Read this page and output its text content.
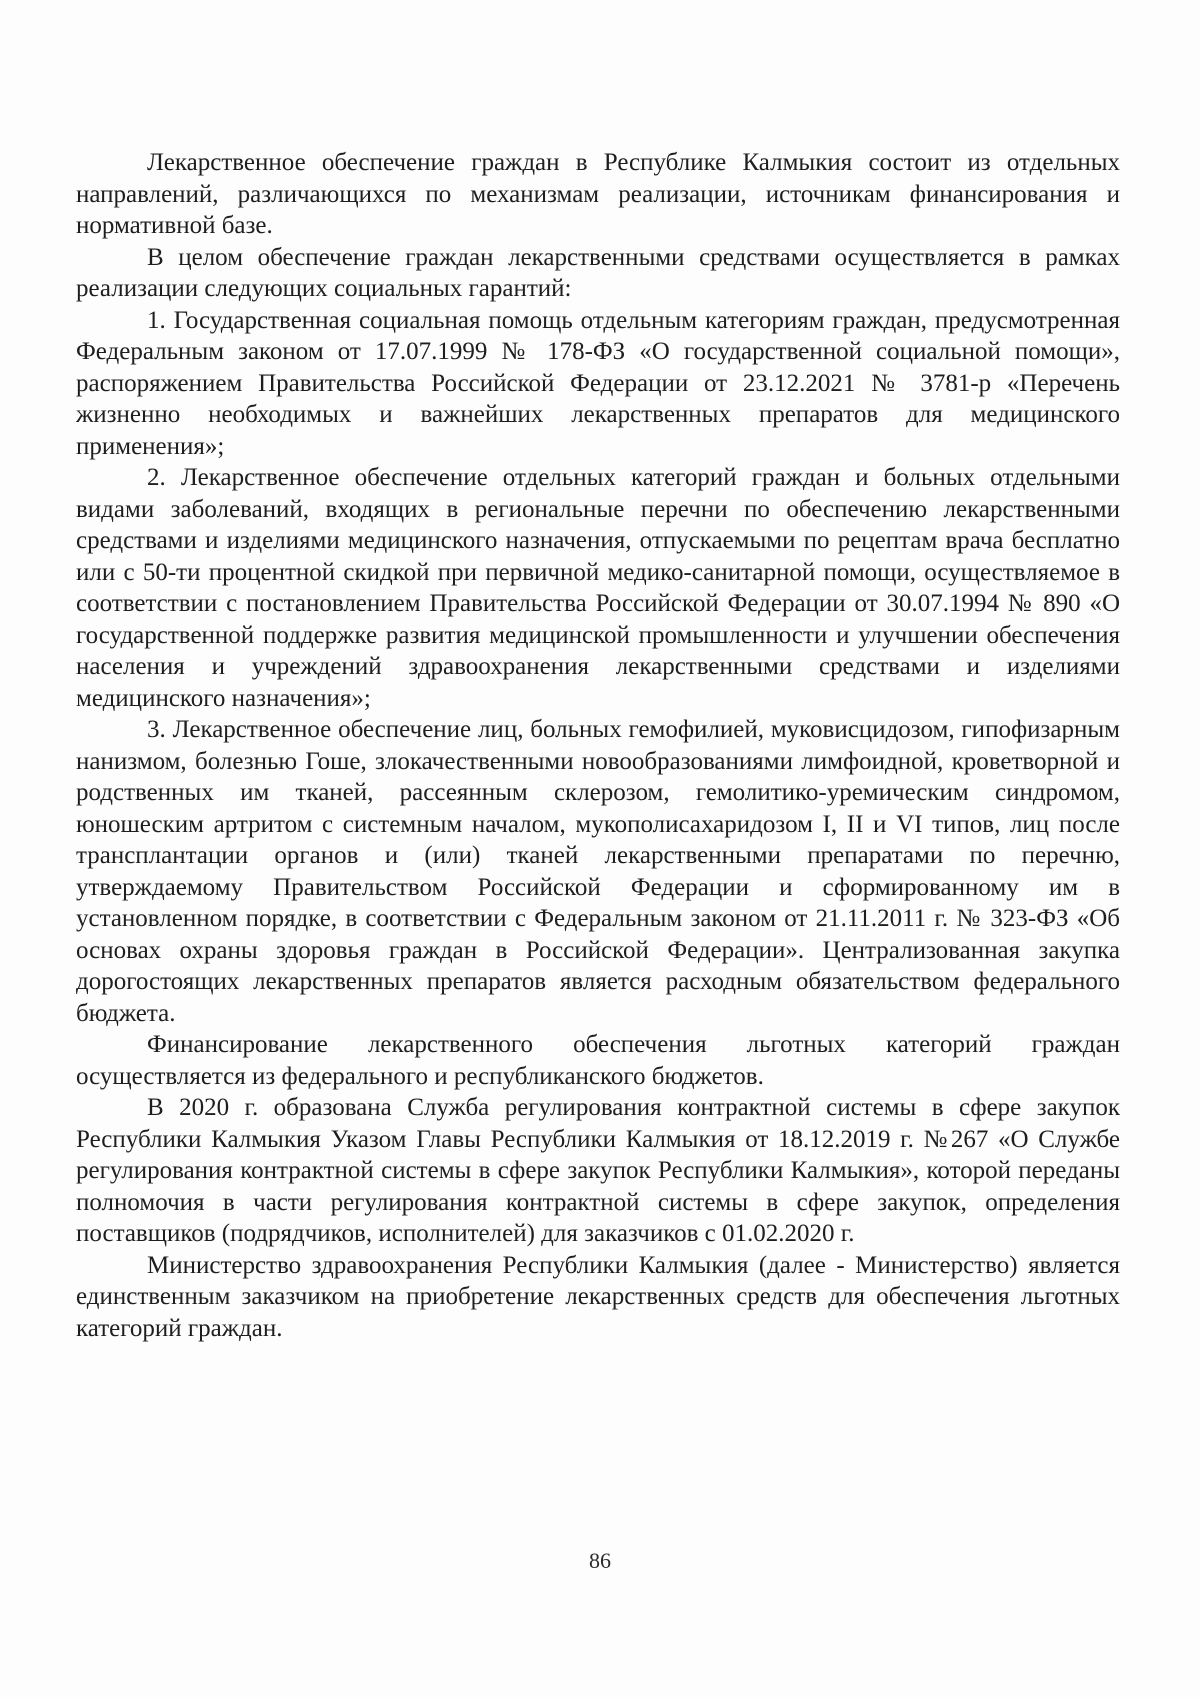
Лекарственное обеспечение граждан в Республике Калмыкия состоит из отдельных направлений, различающихся по механизмам реализации, источникам финансирования и нормативной базе.

В целом обеспечение граждан лекарственными средствами осуществляется в рамках реализации следующих социальных гарантий:

1. Государственная социальная помощь отдельным категориям граждан, предусмотренная Федеральным законом от 17.07.1999 № 178-ФЗ «О государственной социальной помощи», распоряжением Правительства Российской Федерации от 23.12.2021 № 3781-р «Перечень жизненно необходимых и важнейших лекарственных препаратов для медицинского применения»;

2. Лекарственное обеспечение отдельных категорий граждан и больных отдельными видами заболеваний, входящих в региональные перечни по обеспечению лекарственными средствами и изделиями медицинского назначения, отпускаемыми по рецептам врача бесплатно или с 50-ти процентной скидкой при первичной медико-санитарной помощи, осуществляемое в соответствии с постановлением Правительства Российской Федерации от 30.07.1994 № 890 «О государственной поддержке развития медицинской промышленности и улучшении обеспечения населения и учреждений здравоохранения лекарственными средствами и изделиями медицинского назначения»;

3. Лекарственное обеспечение лиц, больных гемофилией, муковисцидозом, гипофизарным нанизмом, болезнью Гоше, злокачественными новообразованиями лимфоидной, кроветворной и родственных им тканей, рассеянным склерозом, гемолитико-уремическим синдромом, юношеским артритом с системным началом, мукополисахаридозом I, II и VI типов, лиц после трансплантации органов и (или) тканей лекарственными препаратами по перечню, утверждаемому Правительством Российской Федерации и сформированному им в установленном порядке, в соответствии с Федеральным законом от 21.11.2011 г. № 323-ФЗ «Об основах охраны здоровья граждан в Российской Федерации». Централизованная закупка дорогостоящих лекарственных препаратов является расходным обязательством федерального бюджета.

Финансирование лекарственного обеспечения льготных категорий граждан осуществляется из федерального и республиканского бюджетов.

В 2020 г. образована Служба регулирования контрактной системы в сфере закупок Республики Калмыкия Указом Главы Республики Калмыкия от 18.12.2019 г. №267 «О Службе регулирования контрактной системы в сфере закупок Республики Калмыкия», которой переданы полномочия в части регулирования контрактной системы в сфере закупок, определения поставщиков (подрядчиков, исполнителей) для заказчиков с 01.02.2020 г.

Министерство здравоохранения Республики Калмыкия (далее - Министерство) является единственным заказчиком на приобретение лекарственных средств для обеспечения льготных категорий граждан.

86
